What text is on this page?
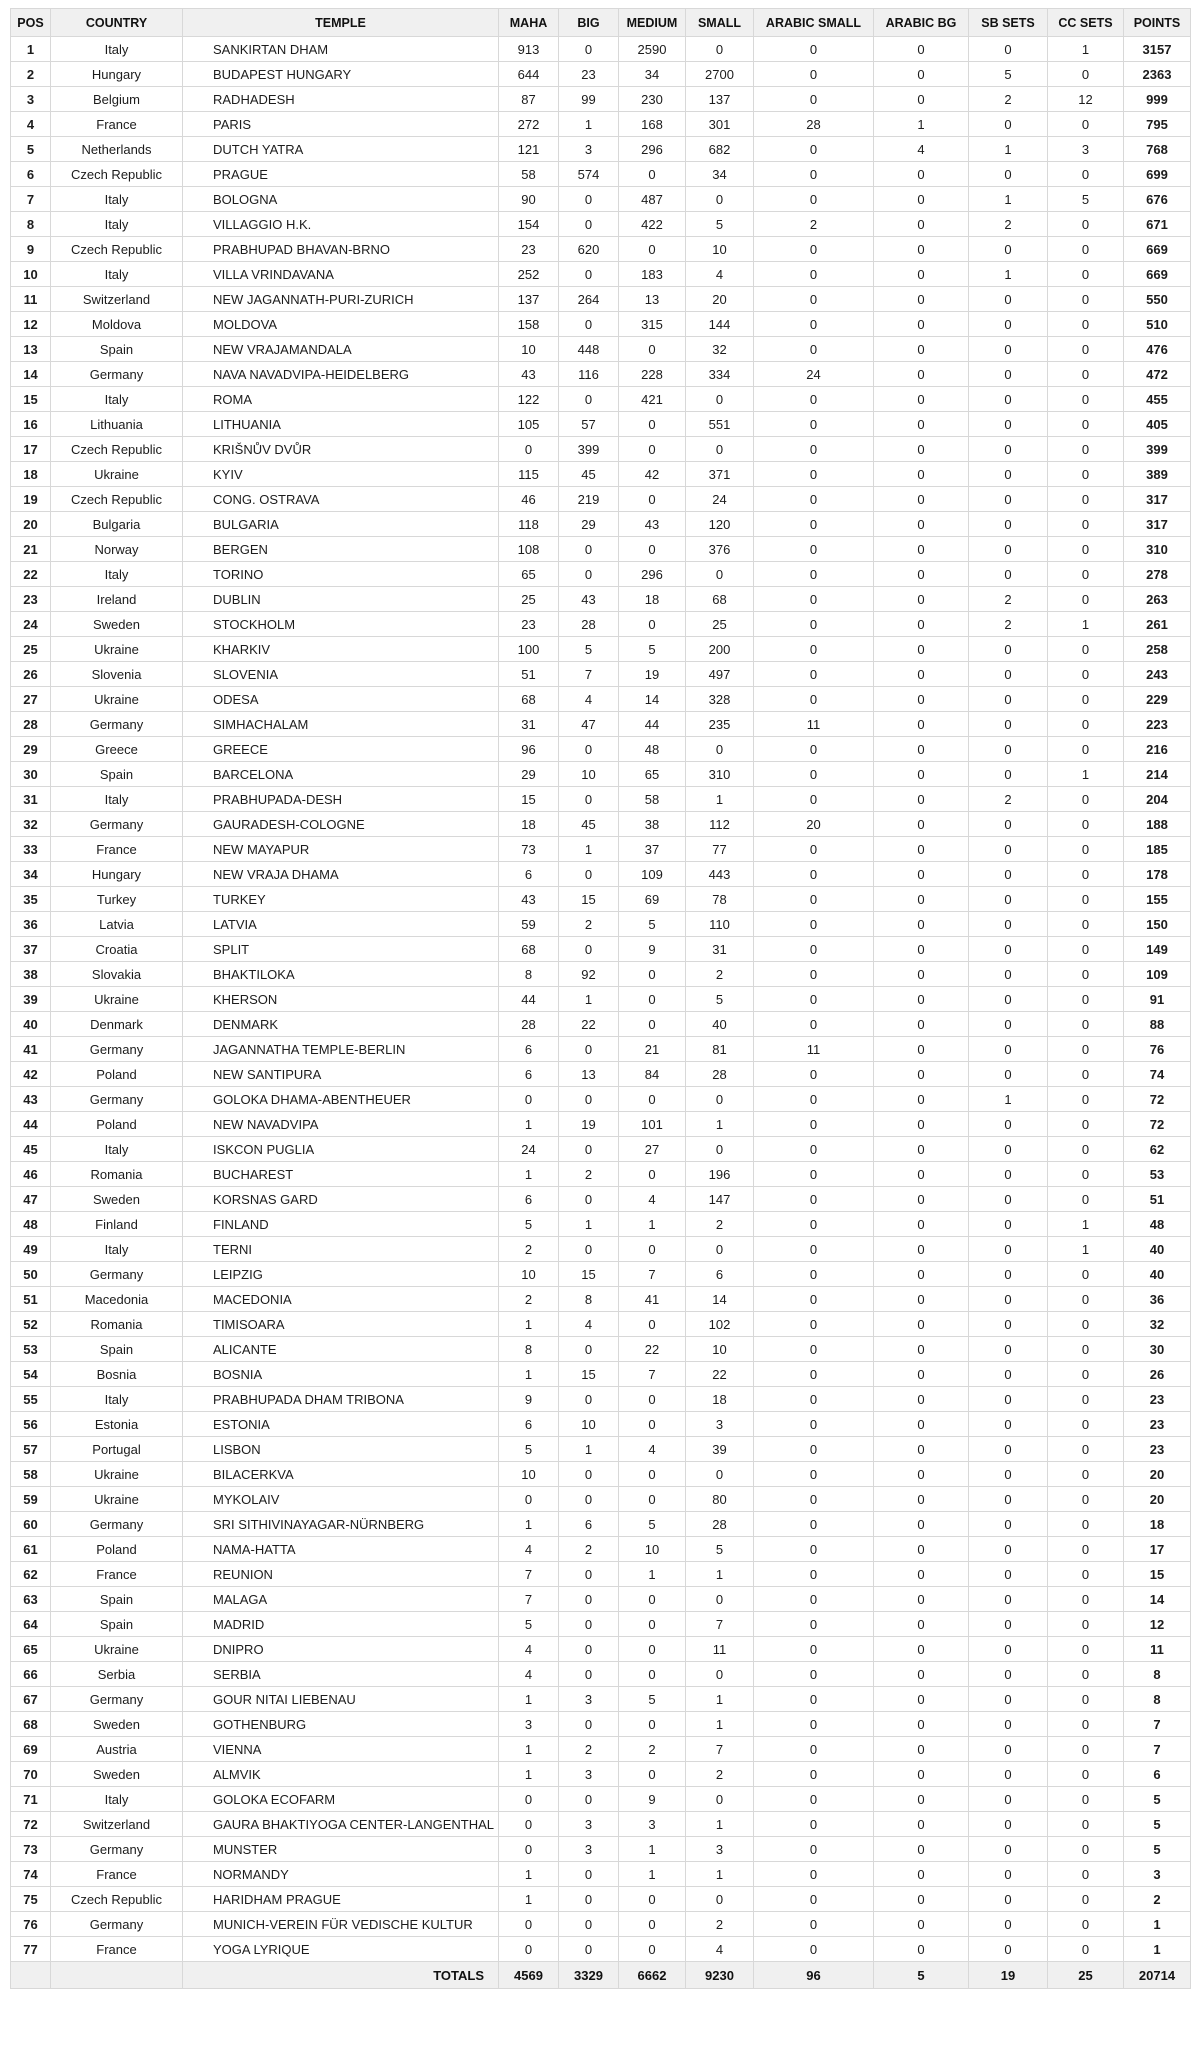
POS	COUNTRY	TEMPLE	MAHA	BIG	MEDIUM	SMALL	ARABIC SMALL	ARABIC BG	SB SETS	CC SETS	POINTS
1	Italy	SANKIRTAN DHAM	913	0	2590	0	0	0	0	1	3157
2	Hungary	BUDAPEST HUNGARY	644	23	34	2700	0	0	5	0	2363
3	Belgium	RADHADESH	87	99	230	137	0	0	2	12	999
4	France	PARIS	272	1	168	301	28	1	0	0	795
5	Netherlands	DUTCH YATRA	121	3	296	682	0	4	1	3	768
6	Czech Republic	PRAGUE	58	574	0	34	0	0	0	0	699
7	Italy	BOLOGNA	90	0	487	0	0	0	1	5	676
8	Italy	VILLAGGIO H.K.	154	0	422	5	2	0	2	0	671
9	Czech Republic	PRABHUPAD BHAVAN-BRNO	23	620	0	10	0	0	0	0	669
10	Italy	VILLA VRINDAVANA	252	0	183	4	0	0	1	0	669
11	Switzerland	NEW JAGANNATH-PURI-ZURICH	137	264	13	20	0	0	0	0	550
12	Moldova	MOLDOVA	158	0	315	144	0	0	0	0	510
13	Spain	NEW VRAJAMANDALA	10	448	0	32	0	0	0	0	476
14	Germany	NAVA NAVADVIPA-HEIDELBERG	43	116	228	334	24	0	0	0	472
15	Italy	ROMA	122	0	421	0	0	0	0	0	455
16	Lithuania	LITHUANIA	105	57	0	551	0	0	0	0	405
17	Czech Republic	KRIŠNŮV DVŮR	0	399	0	0	0	0	0	0	399
18	Ukraine	KYIV	115	45	42	371	0	0	0	0	389
19	Czech Republic	CONG. OSTRAVA	46	219	0	24	0	0	0	0	317
20	Bulgaria	BULGARIA	118	29	43	120	0	0	0	0	317
21	Norway	BERGEN	108	0	0	376	0	0	0	0	310
22	Italy	TORINO	65	0	296	0	0	0	0	0	278
23	Ireland	DUBLIN	25	43	18	68	0	0	2	0	263
24	Sweden	STOCKHOLM	23	28	0	25	0	0	2	1	261
25	Ukraine	KHARKIV	100	5	5	200	0	0	0	0	258
26	Slovenia	SLOVENIA	51	7	19	497	0	0	0	0	243
27	Ukraine	ODESA	68	4	14	328	0	0	0	0	229
28	Germany	SIMHACHALAM	31	47	44	235	11	0	0	0	223
29	Greece	GREECE	96	0	48	0	0	0	0	0	216
30	Spain	BARCELONA	29	10	65	310	0	0	0	1	214
31	Italy	PRABHUPADA-DESH	15	0	58	1	0	0	2	0	204
32	Germany	GAURADESH-COLOGNE	18	45	38	112	20	0	0	0	188
33	France	NEW MAYAPUR	73	1	37	77	0	0	0	0	185
34	Hungary	NEW VRAJA DHAMA	6	0	109	443	0	0	0	0	178
35	Turkey	TURKEY	43	15	69	78	0	0	0	0	155
36	Latvia	LATVIA	59	2	5	110	0	0	0	0	150
37	Croatia	SPLIT	68	0	9	31	0	0	0	0	149
38	Slovakia	BHAKTILOKA	8	92	0	2	0	0	0	0	109
39	Ukraine	KHERSON	44	1	0	5	0	0	0	0	91
40	Denmark	DENMARK	28	22	0	40	0	0	0	0	88
41	Germany	JAGANNATHA TEMPLE-BERLIN	6	0	21	81	11	0	0	0	76
42	Poland	NEW SANTIPURA	6	13	84	28	0	0	0	0	74
43	Germany	GOLOKA DHAMA-ABENTHEUER	0	0	0	0	0	0	1	0	72
44	Poland	NEW NAVADVIPA	1	19	101	1	0	0	0	0	72
45	Italy	ISKCON PUGLIA	24	0	27	0	0	0	0	0	62
46	Romania	BUCHAREST	1	2	0	196	0	0	0	0	53
47	Sweden	KORSNAS GARD	6	0	4	147	0	0	0	0	51
48	Finland	FINLAND	5	1	1	2	0	0	0	1	48
49	Italy	TERNI	2	0	0	0	0	0	0	1	40
50	Germany	LEIPZIG	10	15	7	6	0	0	0	0	40
51	Macedonia	MACEDONIA	2	8	41	14	0	0	0	0	36
52	Romania	TIMISOARA	1	4	0	102	0	0	0	0	32
53	Spain	ALICANTE	8	0	22	10	0	0	0	0	30
54	Bosnia	BOSNIA	1	15	7	22	0	0	0	0	26
55	Italy	PRABHUPADA DHAM TRIBONA	9	0	0	18	0	0	0	0	23
56	Estonia	ESTONIA	6	10	0	3	0	0	0	0	23
57	Portugal	LISBON	5	1	4	39	0	0	0	0	23
58	Ukraine	BILACERKVA	10	0	0	0	0	0	0	0	20
59	Ukraine	MYKOLAIV	0	0	0	80	0	0	0	0	20
60	Germany	SRI SITHIVINAYAGAR-NÜRNBERG	1	6	5	28	0	0	0	0	18
61	Poland	NAMA-HATTA	4	2	10	5	0	0	0	0	17
62	France	REUNION	7	0	1	1	0	0	0	0	15
63	Spain	MALAGA	7	0	0	0	0	0	0	0	14
64	Spain	MADRID	5	0	0	7	0	0	0	0	12
65	Ukraine	DNIPRO	4	0	0	11	0	0	0	0	11
66	Serbia	SERBIA	4	0	0	0	0	0	0	0	8
67	Germany	GOUR NITAI LIEBENAU	1	3	5	1	0	0	0	0	8
68	Sweden	GOTHENBURG	3	0	0	1	0	0	0	0	7
69	Austria	VIENNA	1	2	2	7	0	0	0	0	7
70	Sweden	ALMVIK	1	3	0	2	0	0	0	0	6
71	Italy	GOLOKA ECOFARM	0	0	9	0	0	0	0	0	5
72	Switzerland	GAURA BHAKTIYOGA CENTER-LANGENTHAL	0	3	3	1	0	0	0	0	5
73	Germany	MUNSTER	0	3	1	3	0	0	0	0	5
74	France	NORMANDY	1	0	1	1	0	0	0	0	3
75	Czech Republic	HARIDHAM PRAGUE	1	0	0	0	0	0	0	0	2
76	Germany	MUNICH-VEREIN FÜR VEDISCHE KULTUR	0	0	0	2	0	0	0	0	1
77	France	YOGA LYRIQUE	0	0	0	4	0	0	0	0	1
		TOTALS	4569	3329	6662	9230	96	5	19	25	20714
